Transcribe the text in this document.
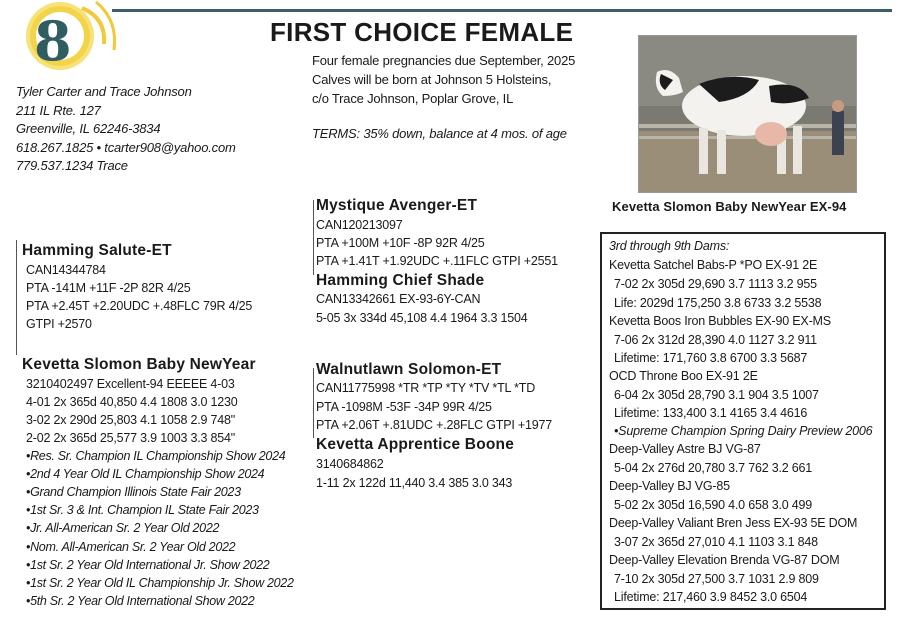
8	FIRST CHOICE FEMALE
Tyler Carter and Trace Johnson
211 IL Rte. 127
Greenville, IL 62246-3834
618.267.1825 • tcarter908@yahoo.com
779.537.1234 Trace
Four female pregnancies due September, 2025
Calves will be born at Johnson 5 Holsteins,
c/o Trace Johnson, Poplar Grove, IL
TERMS: 35% down, balance at 4 mos. of age
Kevetta Slomon Baby NewYear EX-94
Hamming Salute-ET
CAN14344784
PTA -141M +11F -2P 82R 4/25
PTA +2.45T +2.20UDC +.48FLC 79R 4/25
GTPI +2570
Mystique Avenger-ET
CAN120213097
PTA +100M +10F -8P 92R 4/25
PTA +1.41T +1.92UDC +.11FLC GTPI +2551
Hamming Chief Shade
CAN13342661 EX-93-6Y-CAN
5-05 3x 334d 45,108 4.4 1964 3.3 1504
Kevetta Slomon Baby NewYear
3210402497 Excellent-94 EEEEE 4-03
4-01 2x 365d 40,850 4.4 1808 3.0 1230
3-02 2x 290d 25,803 4.1 1058 2.9 748"
2-02 2x 365d 25,577 3.9 1003 3.3 854"
•Res. Sr. Champion IL Championship Show 2024
•2nd 4 Year Old IL Championship Show 2024
•Grand Champion Illinois State Fair 2023
•1st Sr. 3 & Int. Champion IL State Fair 2023
•Jr. All-American Sr. 2 Year Old 2022
•Nom. All-American Sr. 2 Year Old 2022
•1st Sr. 2 Year Old International Jr. Show 2022
•1st Sr. 2 Year Old IL Championship Jr. Show 2022
•5th Sr. 2 Year Old International Show 2022
Walnutlawn Solomon-ET
CAN11775998 *TR *TP *TY *TV *TL *TD
PTA -1098M -53F -34P 99R 4/25
PTA +2.06T +.81UDC +.28FLC GTPI +1977
Kevetta Apprentice Boone
3140684862
1-11 2x 122d 11,440 3.4 385 3.0 343
3rd through 9th Dams:
Kevetta Satchel Babs-P *PO EX-91 2E
7-02 2x 305d 29,690 3.7 1113 3.2 955
Life: 2029d 175,250 3.8 6733 3.2 5538
Kevetta Boos Iron Bubbles EX-90 EX-MS
7-06 2x 312d 28,390 4.0 1127 3.2 911
Lifetime: 171,760 3.8 6700 3.3 5687
OCD Throne Boo EX-91 2E
6-04 2x 305d 28,790 3.1 904 3.5 1007
Lifetime: 133,400 3.1 4165 3.4 4616
•Supreme Champion Spring Dairy Preview 2006
Deep-Valley Astre BJ VG-87
5-04 2x 276d 20,780 3.7 762 3.2 661
Deep-Valley BJ VG-85
5-02 2x 305d 16,590 4.0 658 3.0 499
Deep-Valley Valiant Bren Jess EX-93 5E DOM
3-07 2x 365d 27,010 4.1 1103 3.1 848
Deep-Valley Elevation Brenda VG-87 DOM
7-10 2x 305d 27,500 3.7 1031 2.9 809
Lifetime: 217,460 3.9 8452 3.0 6504
